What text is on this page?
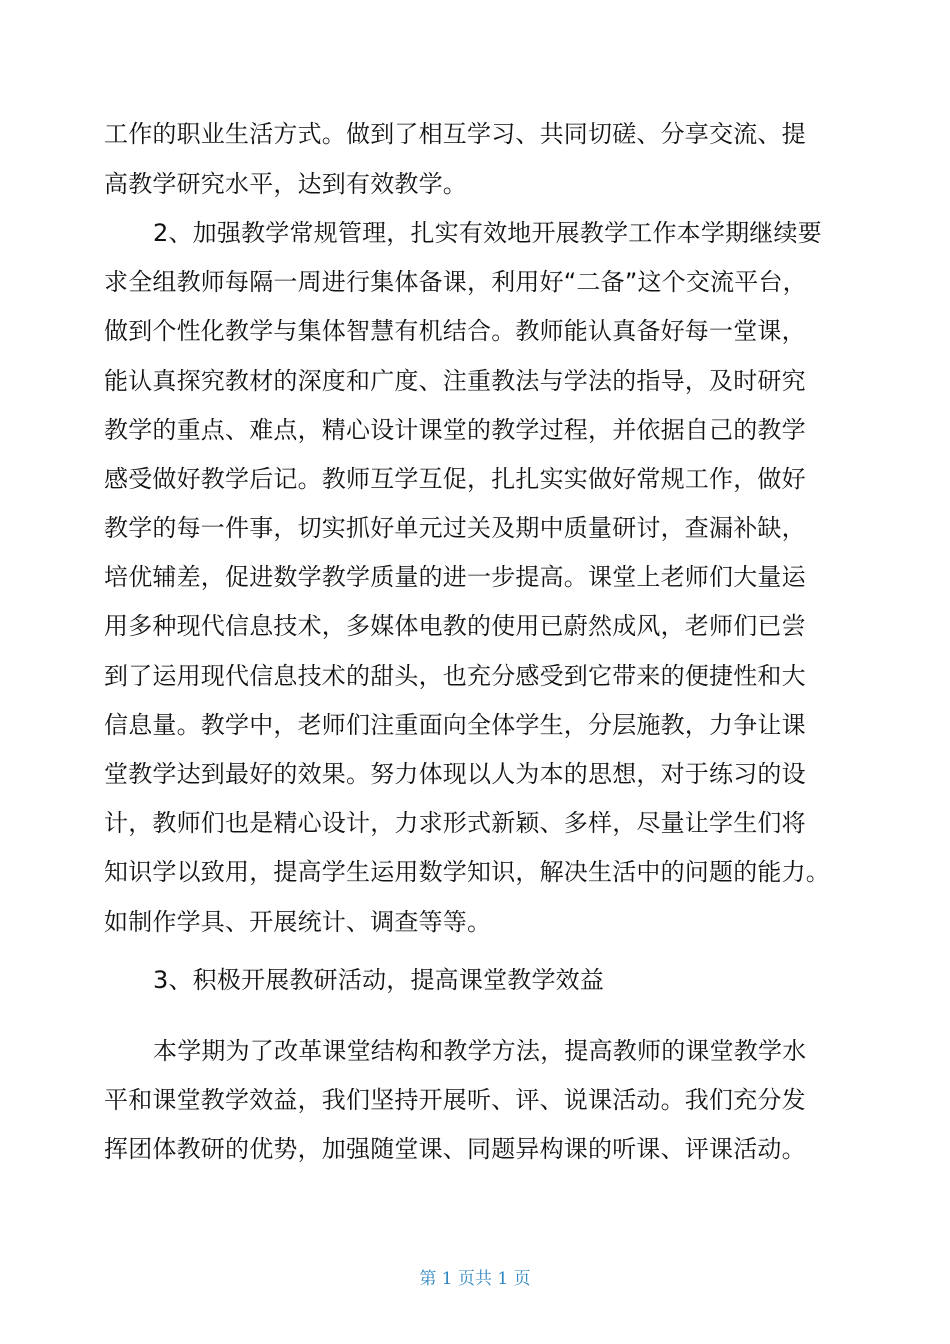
工作的职业生活方式。做到了相互学习、共同切磋、分享交流、提
高教学研究水平，达到有效教学。
2、加强教学常规管理，扎实有效地开展教学工作本学期继续要
求全组教师每隔一周进行集体备课，利用好“二备”这个交流平台，
做到个性化教学与集体智慧有机结合。教师能认真备好每一堂课，
能认真探究教材的深度和广度、注重教法与学法的指导，及时研究
教学的重点、难点，精心设计课堂的教学过程，并依据自己的教学
感受做好教学后记。教师互学互促，扎扎实实做好常规工作，做好
教学的每一件事，切实抓好单元过关及期中质量研讨，查漏补缺，
培优辅差，促进数学教学质量的进一步提高。课堂上老师们大量运
用多种现代信息技术，多媒体电教的使用已蔚然成风，老师们已尝
到了运用现代信息技术的甜头，也充分感受到它带来的便捷性和大
信息量。教学中，老师们注重面向全体学生，分层施教，力争让课
堂教学达到最好的效果。努力体现以人为本的思想，对于练习的设
计，教师们也是精心设计，力求形式新颖、多样，尽量让学生们将
知识学以致用，提高学生运用数学知识，解决生活中的问题的能力。
如制作学具、开展统计、调查等等。
3、积极开展教研活动，提高课堂教学效益
本学期为了改革课堂结构和教学方法，提高教师的课堂教学水
平和课堂教学效益，我们坚持开展听、评、说课活动。我们充分发
挥团体教研的优势，加强随堂课、同题异构课的听课、评课活动。
第 1 页共 1 页
